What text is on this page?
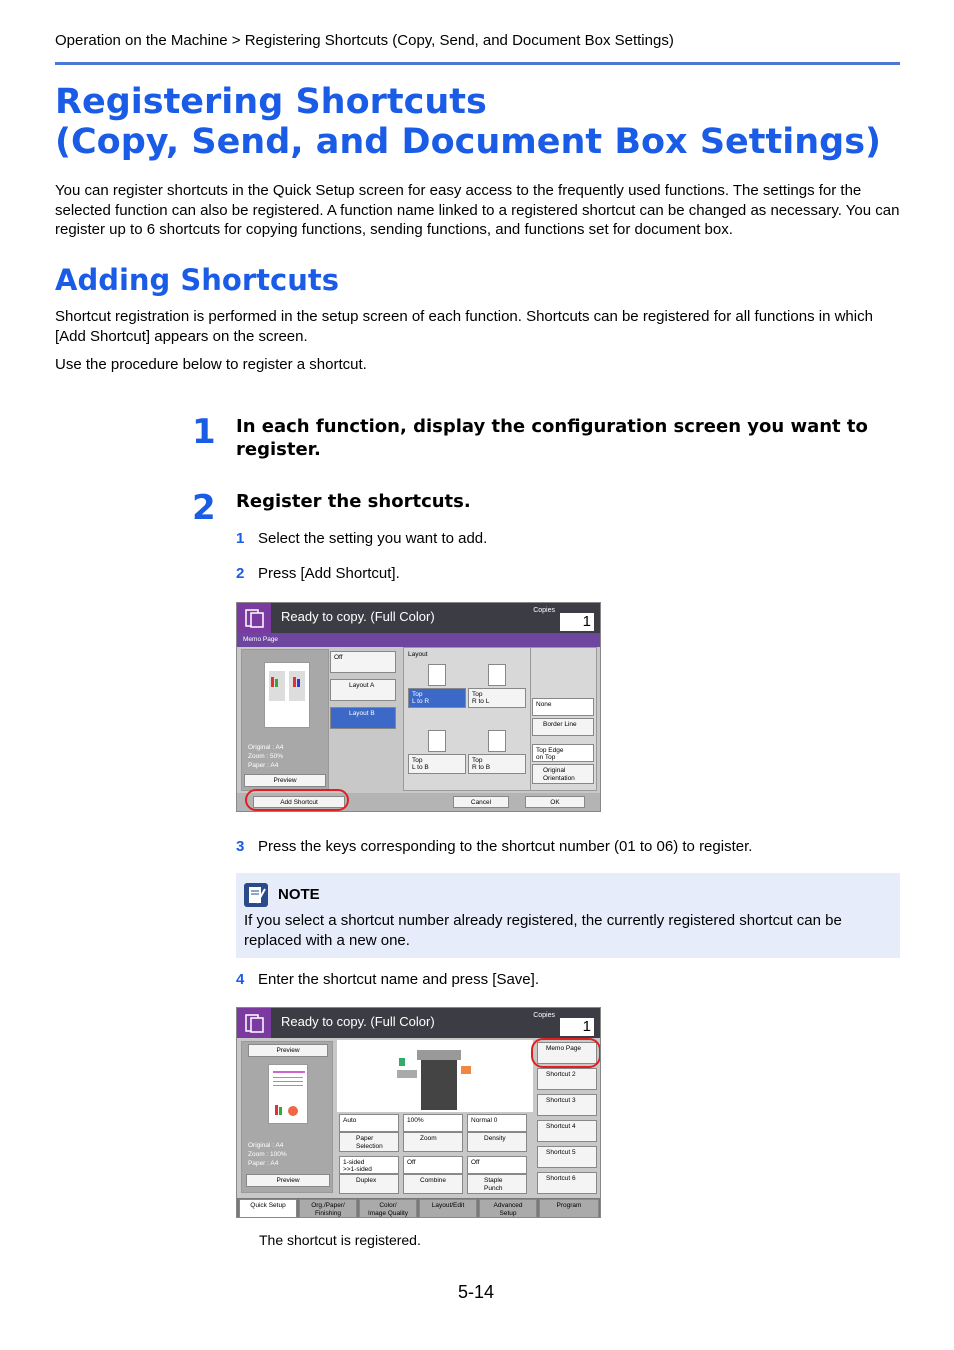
Operation on the Machine > Registering Shortcuts (Copy, Send, and Document Box Settings)
Registering Shortcuts
(Copy, Send, and Document Box Settings)
You can register shortcuts in the Quick Setup screen for easy access to the frequently used functions. The settings for the selected function can also be registered. A function name linked to a registered shortcut can be changed as necessary. You can register up to 6 shortcuts for copying functions, sending functions, and functions set for document box.
Adding Shortcuts
Shortcut registration is performed in the setup screen of each function. Shortcuts can be registered for all functions in which [Add Shortcut] appears on the screen.
Use the procedure below to register a shortcut.
1 In each function, display the configuration screen you want to register.
2 Register the shortcuts.
1 Select the setting you want to add.
2 Press [Add Shortcut].
Ready to copy. (Full Color)	Copies
1
Memo Page
Original : A4
Zoom : 50%
Paper : A4
Preview
Off
Layout A
Layout B
Layout
Top
L to R
Top
R to L
Top
L to B
Top
R to B
None
Border Line
Top Edge
on Top
Original
Orientation
Add Shortcut	Cancel	OK
3 Press the keys corresponding to the shortcut number (01 to 06) to register.
NOTE
If you select a shortcut number already registered, the currently registered shortcut can be replaced with a new one.
4 Enter the shortcut name and press [Save].
Ready to copy. (Full Color)	Copies
1
Preview
Original : A4
Zoom : 100%
Paper : A4
Preview
Auto
Paper
Selection
100%
Zoom
Normal 0
Density
1-sided
>>1-sided
Duplex
Off
Combine
Off
Staple
Punch
Memo Page
Shortcut 2
Shortcut 3
Shortcut 4
Shortcut 5
Shortcut 6
Quick Setup	Org./Paper/
Finishing
Color/
Image Quality
Layout/Edit	Advanced
Setup
Program
The shortcut is registered.
5-14
